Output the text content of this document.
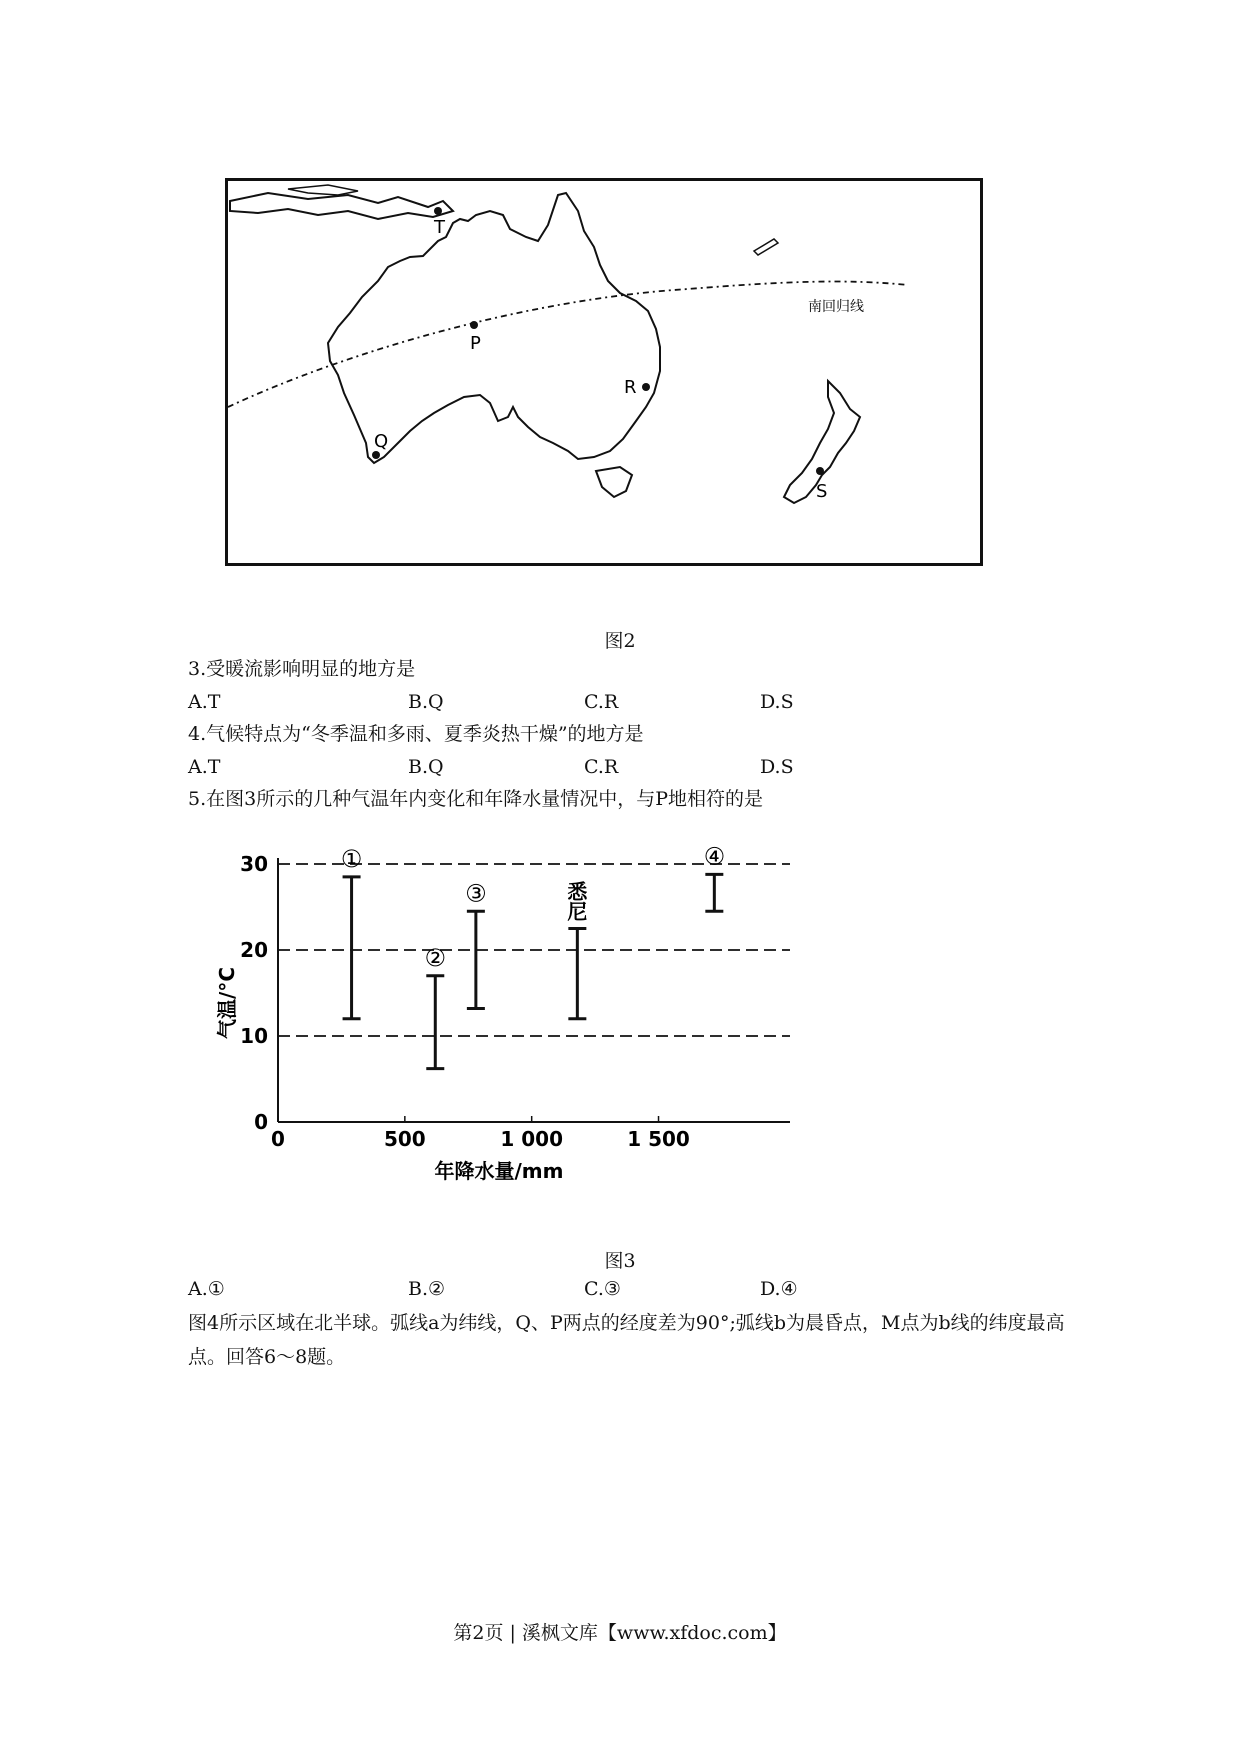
南回归线
T
P
Q
R
S
图2
3.受暖流影响明显的地方是
A.T	B.Q	C.R	D.S
4.气候特点为“冬季温和多雨、夏季炎热干燥”的地方是
A.T	B.Q	C.R	D.S
5.在图3所示的几种气温年内变化和年降水量情况中，与P地相符的是
0
10
20
30
0	500	1 000	1 500
①
②
③	悉
尼
④
年降水量/mm
气温/°C
图3
A.①	B.②	C.③	D.④
图4所示区域在北半球。弧线a为纬线，Q、P两点的经度差为90°;弧线b为晨昏点，M点为b线的纬度最高点。回答6～8题。
第2页 | 溪枫文库【www.xfdoc.com】
